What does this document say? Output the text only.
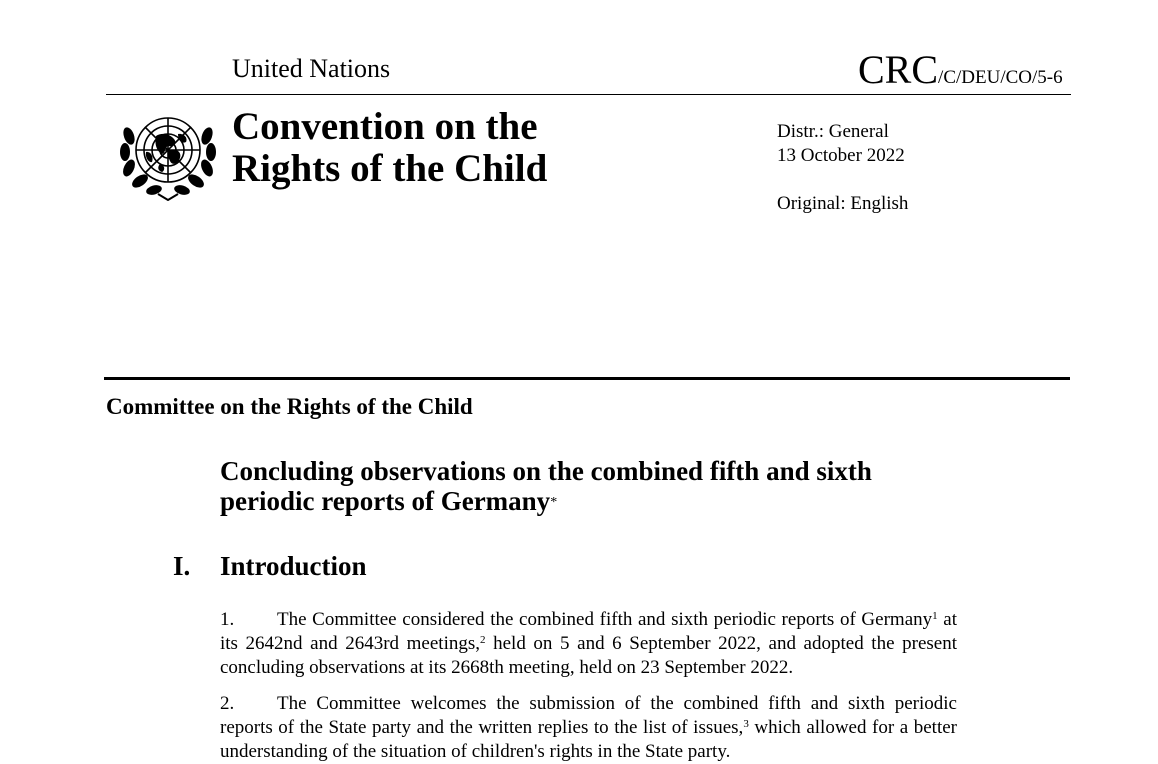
United Nations	CRC/C/DEU/CO/5-6
Convention on the
Rights of the Child
Distr.: General
13 October 2022
Original: English
Committee on the Rights of the Child
Concluding observations on the combined fifth and sixth
periodic reports of Germany*
I. Introduction
1. The Committee considered the combined fifth and sixth periodic reports of Germany$^1$ at its 2642nd and 2643rd meetings,$^2$ held on 5 and 6 September 2022, and adopted the present concluding observations at its 2668th meeting, held on 23 September 2022.
2. The Committee welcomes the submission of the combined fifth and sixth periodic reports of the State party and the written replies to the list of issues,$^3$ which allowed for a better understanding of the situation of children's rights in the State party.
